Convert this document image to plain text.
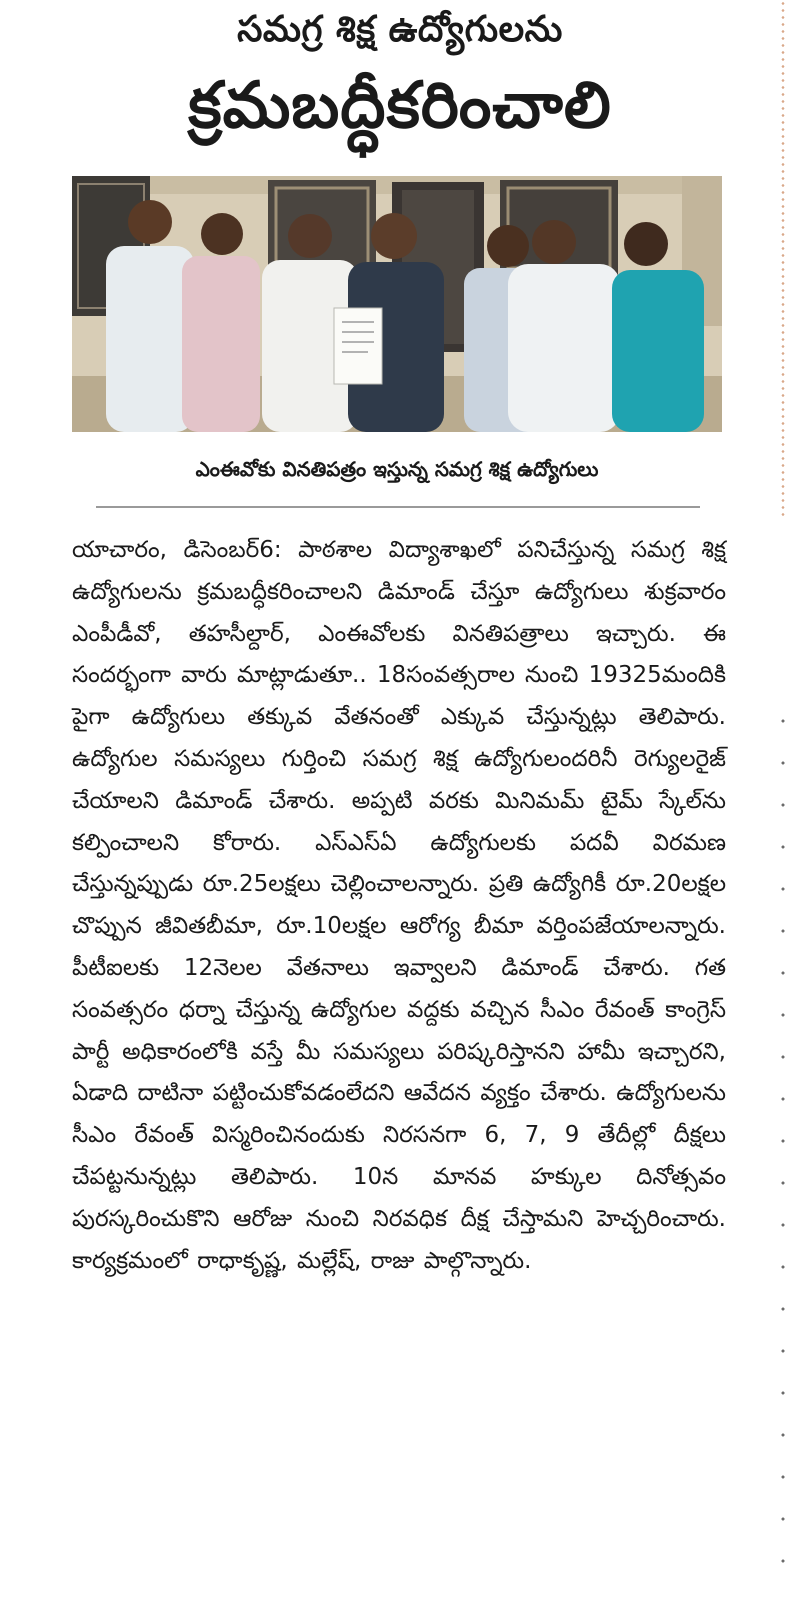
సమగ్ర శిక్ష ఉద్యోగులను
క్రమబద్ధీకరించాలి
ఎంఈవోకు వినతిపత్రం ఇస్తున్న సమగ్ర శిక్ష ఉద్యోగులు
యాచారం, డిసెంబర్6: పాఠశాల విద్యాశాఖలో పనిచేస్తున్న సమగ్ర శిక్ష ఉద్యోగులను క్రమబద్ధీకరించాలని డిమాండ్ చేస్తూ ఉద్యోగులు శుక్రవారం ఎంపీడీవో, తహసీల్దార్, ఎంఈవోలకు వినతిపత్రాలు ఇచ్చారు. ఈ సందర్భంగా వారు మాట్లాడుతూ.. 18సంవత్సరాల నుంచి 19325మందికి పైగా ఉద్యోగులు తక్కువ వేతనంతో ఎక్కువ చేస్తున్నట్లు తెలిపారు. ఉద్యోగుల సమస్యలు గుర్తించి సమగ్ర శిక్ష ఉద్యోగులందరినీ రెగ్యులరైజ్ చేయాలని డిమాండ్ చేశారు. అప్పటి వరకు మినిమమ్ టైమ్ స్కేల్‌ను కల్పించాలని కోరారు. ఎస్ఎస్ఏ ఉద్యోగులకు పదవీ విరమణ చేస్తున్నప్పుడు రూ.25లక్షలు చెల్లించాలన్నారు. ప్రతి ఉద్యోగికీ రూ.20లక్షల చొప్పున జీవితబీమా, రూ.10లక్షల ఆరోగ్య బీమా వర్తింపజేయాలన్నారు. పీటీఐలకు 12నెలల వేతనాలు ఇవ్వాలని డిమాండ్ చేశారు. గత సంవత్సరం ధర్నా చేస్తున్న ఉద్యోగుల వద్దకు వచ్చిన సీఎం రేవంత్ కాంగ్రెస్ పార్టీ అధికారంలోకి వస్తే మీ సమస్యలు పరిష్కరిస్తానని హామీ ఇచ్చారని, ఏడాది దాటినా పట్టించుకోవడంలేదని ఆవేదన వ్యక్తం చేశారు. ఉద్యోగులను సీఎం రేవంత్ విస్మరించినందుకు నిరసనగా 6, 7, 9 తేదీల్లో దీక్షలు చేపట్టనున్నట్లు తెలిపారు. 10న మానవ హక్కుల దినోత్సవం పురస్కరించుకొని ఆరోజు నుంచి నిరవధిక దీక్ష చేస్తామని హెచ్చరించారు. కార్యక్రమంలో రాధాకృష్ణ, మల్లేష్, రాజు పాల్గొన్నారు.
